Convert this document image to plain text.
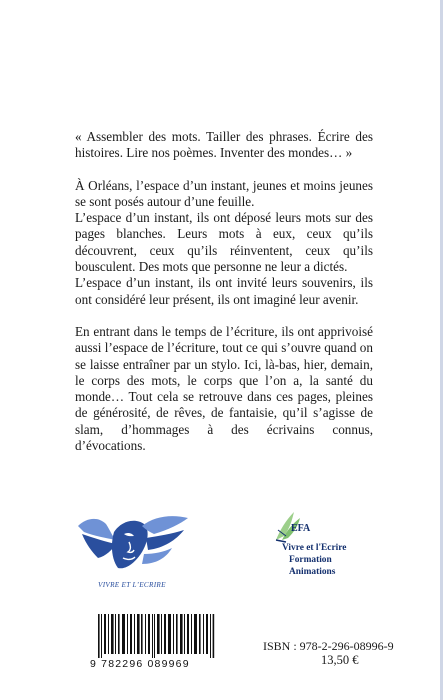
« Assembler des mots. Tailler des phrases. Écrire des histoires. Lire nos poèmes. Inventer des mondes… »

À Orléans, l’espace d’un instant, jeunes et moins jeunes se sont posés autour d’une feuille.

L’espace d’un instant, ils ont déposé leurs mots sur des pages blanches. Leurs mots à eux, ceux qu’ils découvrent, ceux qu’ils réinventent, ceux qu’ils bousculent. Des mots que personne ne leur a dictés.

L’espace d’un instant, ils ont invité leurs souvenirs, ils ont considéré leur présent, ils ont imaginé leur avenir.

En entrant dans le temps de l’écriture, ils ont apprivoisé aussi l’espace de l’écriture, tout ce qui s’ouvre quand on se laisse entraîner par un stylo. Ici, là-bas, hier, demain, le corps des mots, le corps que l’on a, la santé du monde… Tout cela se retrouve dans ces pages, pleines de générosité, de rêves, de fantaisie, qu’il s’agisse de slam, d’hommages à des écrivains connus, d’évocations.

VIVRE ET L’ECRIRE
EFA
Vivre et l'Ecrire
Formation
Animations
9 782296 089969
ISBN : 978-2-296-08996-9
13,50 €
